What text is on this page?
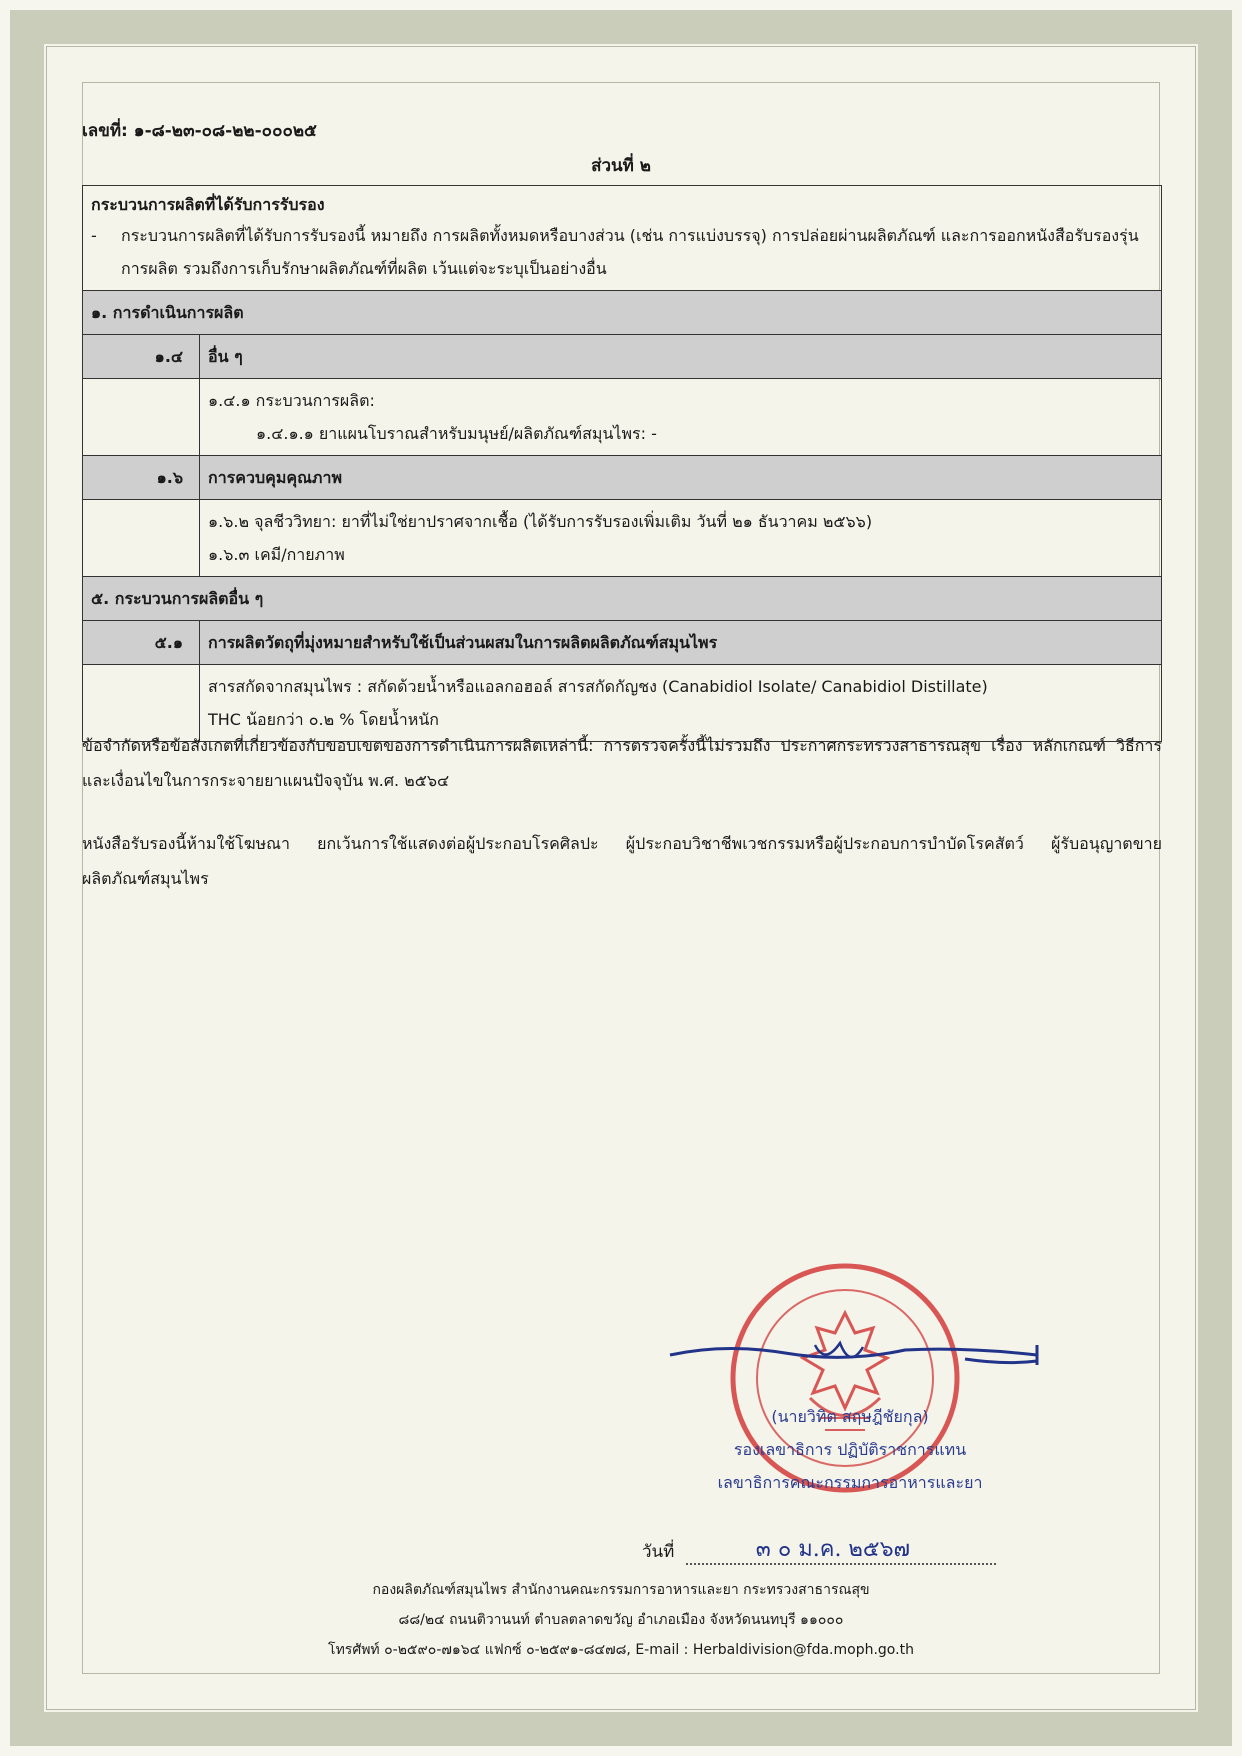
เลขที่: ๑-๘-๒๓-๐๘-๒๒-๐๐๐๒๕
ส่วนที่ ๒
กระบวนการผลิตที่ได้รับการรับรอง
- กระบวนการผลิตที่ได้รับการรับรองนี้ หมายถึง การผลิตทั้งหมดหรือบางส่วน (เช่น การแบ่งบรรจุ) การปล่อยผ่านผลิตภัณฑ์ และการออกหนังสือรับรองรุ่นการผลิต รวมถึงการเก็บรักษาผลิตภัณฑ์ที่ผลิต เว้นแต่จะระบุเป็นอย่างอื่น	

๑. การดำเนินการผลิต	
๑.๔	อื่น ๆ

	๑.๔.๑ กระบวนการผลิต:
๑.๔.๑.๑ ยาแผนโบราณสำหรับมนุษย์/ผลิตภัณฑ์สมุนไพร: -

๑.๖	การควบคุมคุณภาพ

	๑.๖.๒ จุลชีววิทยา: ยาที่ไม่ใช่ยาปราศจากเชื้อ (ได้รับการรับรองเพิ่มเติม วันที่ ๒๑ ธันวาคม ๒๕๖๖)
๑.๖.๓ เคมี/กายภาพ

๕. กระบวนการผลิตอื่น ๆ	
๕.๑	การผลิตวัตถุที่มุ่งหมายสำหรับใช้เป็นส่วนผสมในการผลิตผลิตภัณฑ์สมุนไพร

	สารสกัดจากสมุนไพร : สกัดด้วยน้ำหรือแอลกอฮอล์ สารสกัดกัญชง (Canabidiol Isolate/ Canabidiol Distillate)
THC น้อยกว่า ๐.๒ % โดยน้ำหนัก
ข้อจำกัดหรือข้อสังเกตที่เกี่ยวข้องกับขอบเขตของการดำเนินการผลิตเหล่านี้: การตรวจครั้งนี้ไม่รวมถึง ประกาศกระทรวงสาธารณสุข เรื่อง หลักเกณฑ์ วิธีการ และเงื่อนไขในการกระจายยาแผนปัจจุบัน พ.ศ. ๒๕๖๔
หนังสือรับรองนี้ห้ามใช้โฆษณา ยกเว้นการใช้แสดงต่อผู้ประกอบโรคศิลปะ ผู้ประกอบวิชาชีพเวชกรรมหรือผู้ประกอบการบำบัดโรคสัตว์ ผู้รับอนุญาตขายผลิตภัณฑ์สมุนไพร
(นายวิทิต สฤษฎีชัยกุล)
รองเลขาธิการ ปฏิบัติราชการแทน
เลขาธิการคณะกรรมการอาหารและยา
วันที่	๓ ๐ ม.ค. ๒๕๖๗
กองผลิตภัณฑ์สมุนไพร สำนักงานคณะกรรมการอาหารและยา กระทรวงสาธารณสุข
๘๘/๒๔ ถนนติวานนท์ ตำบลตลาดขวัญ อำเภอเมือง จังหวัดนนทบุรี ๑๑๐๐๐
โทรศัพท์ ๐-๒๕๙๐-๗๑๖๔ แฟกซ์ ๐-๒๕๙๑-๘๔๗๘, E-mail : Herbaldivision@fda.moph.go.th
